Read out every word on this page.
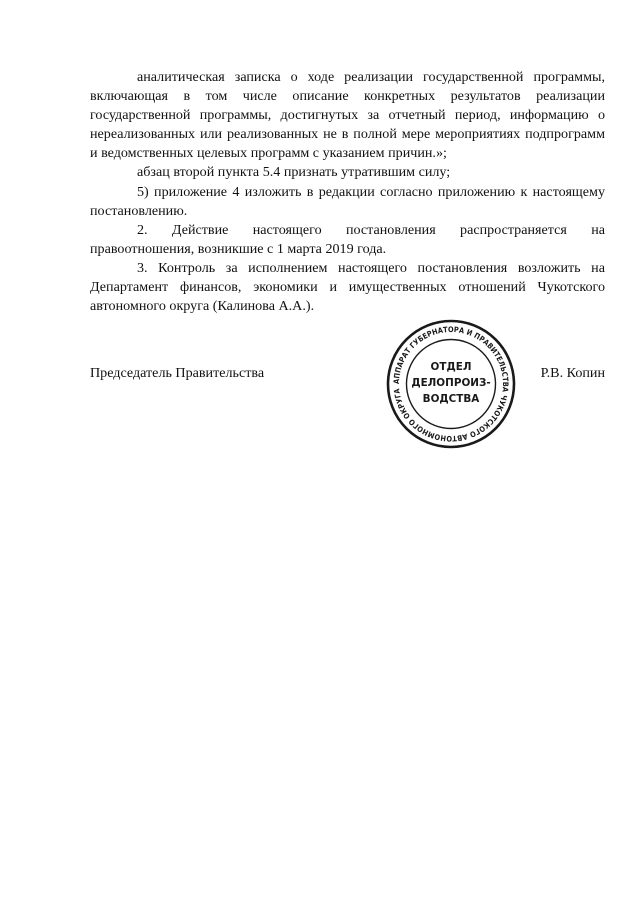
аналитическая записка о ходе реализации государственной программы, включающая в том числе описание конкретных результатов реализации государственной программы, достигнутых за отчетный период, информацию о нереализованных или реализованных не в полной мере мероприятиях подпрограмм и ведомственных целевых программ с указанием причин.»;

абзац второй пункта 5.4 признать утратившим силу;

5) приложение 4 изложить в редакции согласно приложению к настоящему постановлению.

2. Действие настоящего постановления распространяется на правоотношения, возникшие с 1 марта 2019 года.

3. Контроль за исполнением настоящего постановления возложить на Департамент финансов, экономики и имущественных отношений Чукотского автономного округа (Калинова А.А.).

Председатель Правительства	Р.В. Копин
АППАРАТ ГУБЕРНАТОРА И ПРАВИТЕЛЬСТВА ЧУКОТСКОГО АВТОНОМНОГО ОКРУГА
ОТДЕЛ
ДЕЛОПРОИЗ-
ВОДСТВА
